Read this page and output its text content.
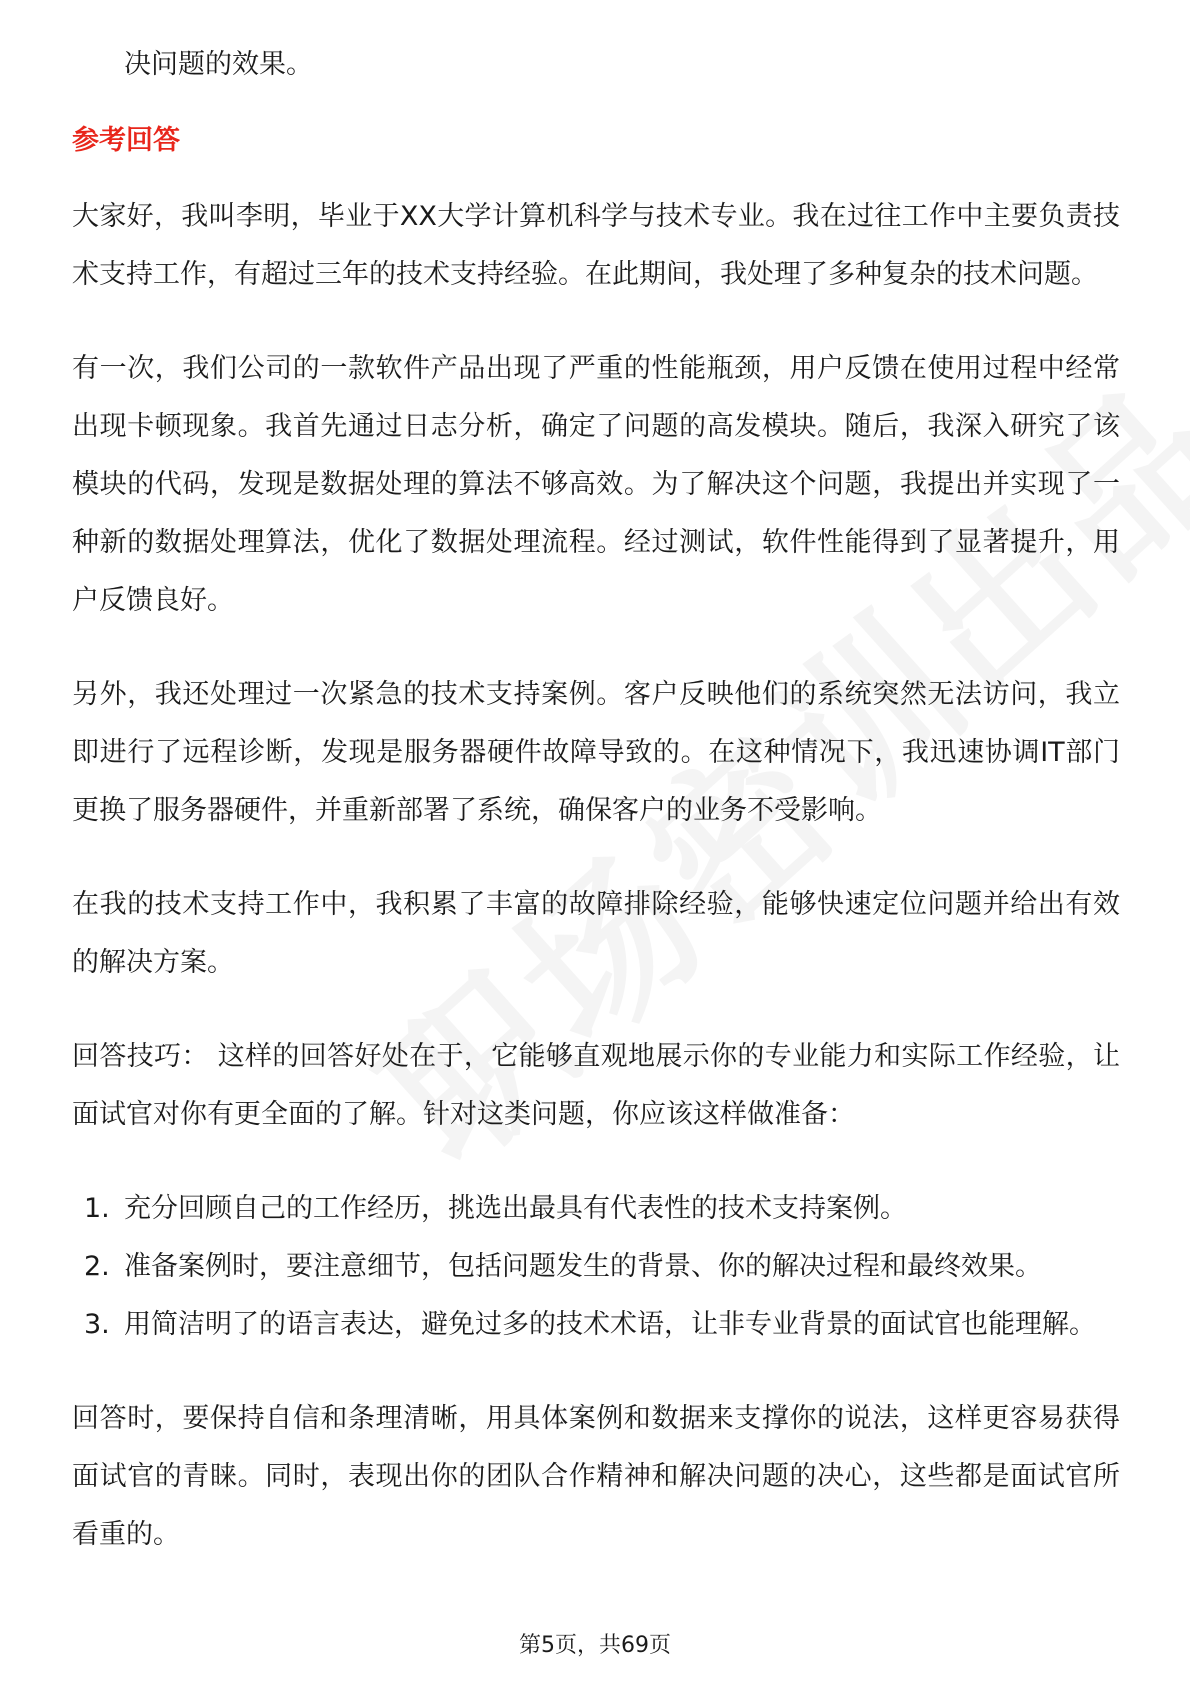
决问题的效果。

参考回答

大家好，我叫李明，毕业于XX大学计算机科学与技术专业。我在过往工作中主要负责技术支持工作，有超过三年的技术支持经验。在此期间，我处理了多种复杂的技术问题。

有一次，我们公司的一款软件产品出现了严重的性能瓶颈，用户反馈在使用过程中经常出现卡顿现象。我首先通过日志分析，确定了问题的高发模块。随后，我深入研究了该模块的代码，发现是数据处理的算法不够高效。为了解决这个问题，我提出并实现了一种新的数据处理算法，优化了数据处理流程。经过测试，软件性能得到了显著提升，用户反馈良好。

另外，我还处理过一次紧急的技术支持案例。客户反映他们的系统突然无法访问，我立即进行了远程诊断，发现是服务器硬件故障导致的。在这种情况下，我迅速协调IT部门更换了服务器硬件，并重新部署了系统，确保客户的业务不受影响。

在我的技术支持工作中，我积累了丰富的故障排除经验，能够快速定位问题并给出有效的解决方案。

回答技巧： 这样的回答好处在于，它能够直观地展示你的专业能力和实际工作经验，让面试官对你有更全面的了解。针对这类问题，你应该这样做准备：

1. 充分回顾自己的工作经历，挑选出最具有代表性的技术支持案例。
2. 准备案例时，要注意细节，包括问题发生的背景、你的解决过程和最终效果。
3. 用简洁明了的语言表达，避免过多的技术术语，让非专业背景的面试官也能理解。

回答时，要保持自信和条理清晰，用具体案例和数据来支撑你的说法，这样更容易获得面试官的青睐。同时，表现出你的团队合作精神和解决问题的决心，这些都是面试官所看重的。

第5页，共69页
